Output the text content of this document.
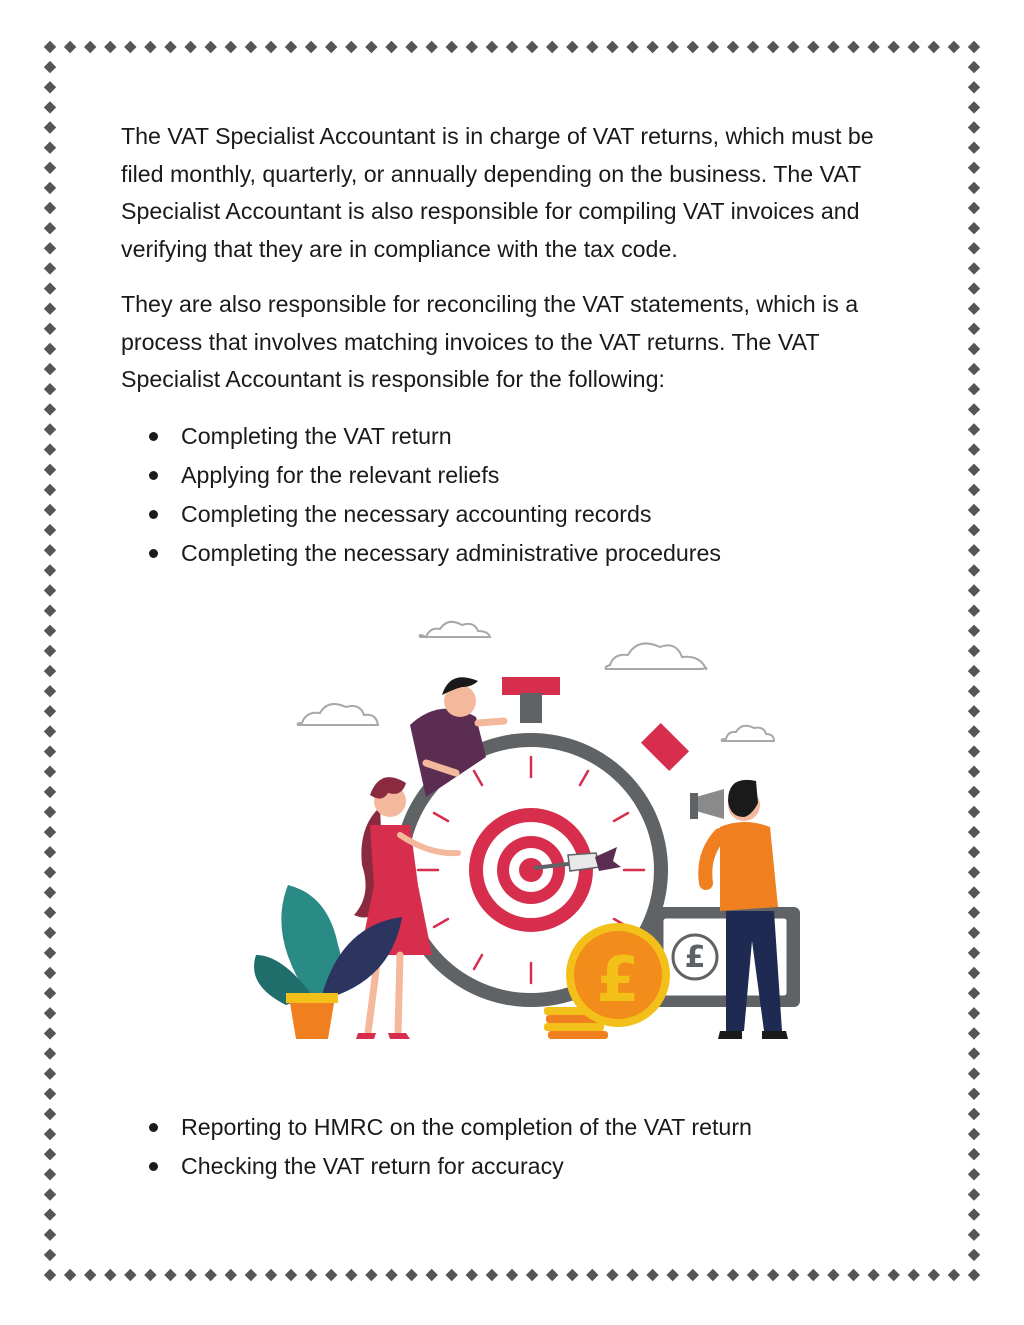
The VAT Specialist Accountant is in charge of VAT returns, which must be filed monthly, quarterly, or annually depending on the business. The VAT Specialist Accountant is also responsible for compiling VAT invoices and verifying that they are in compliance with the tax code.

They are also responsible for reconciling the VAT statements, which is a process that involves matching invoices to the VAT returns. The VAT Specialist Accountant is responsible for the following:

Completing the VAT return
Applying for the relevant reliefs
Completing the necessary accounting records
Completing the necessary administrative procedures
£
£
Reporting to HMRC on the completion of the VAT return
Checking the VAT return for accuracy
